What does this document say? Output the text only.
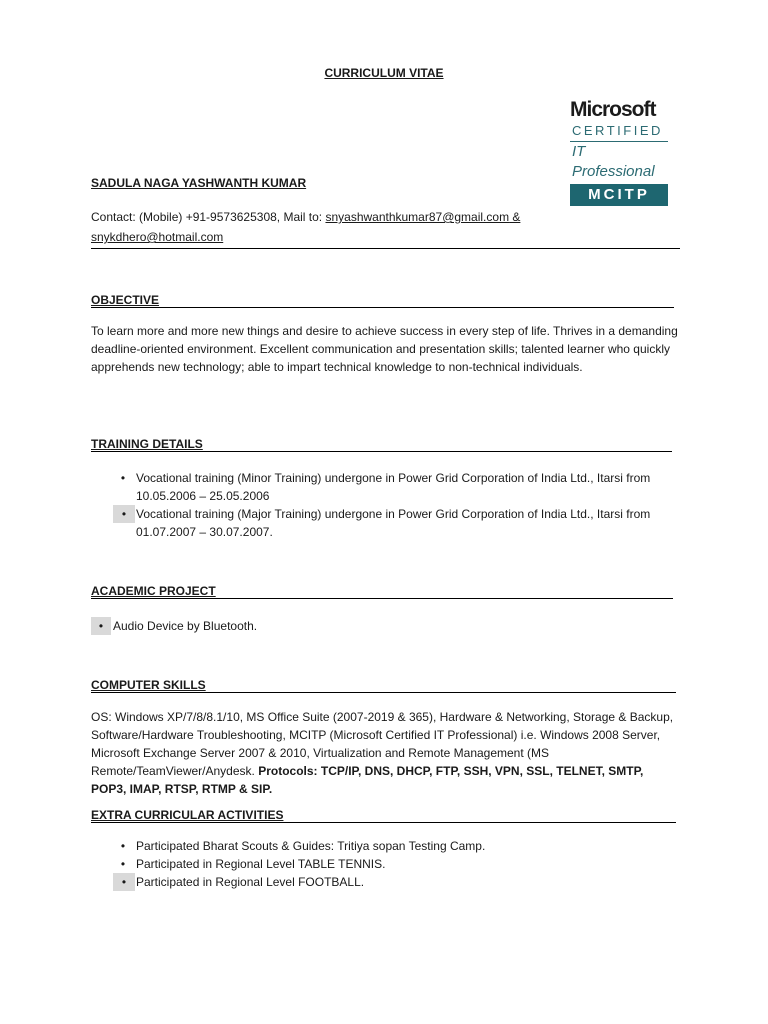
CURRICULUM VITAE
Microsoft
CERTIFIED
IT Professional
MCITP
SADULA NAGA YASHWANTH KUMAR
Contact: (Mobile) +91-9573625308, Mail to: snyashwanthkumar87@gmail.com &
snykdhero@hotmail.com
OBJECTIVE
To learn more and more new things and desire to achieve success in every step of life. Thrives in a demanding deadline-oriented environment. Excellent communication and presentation skills; talented learner who quickly apprehends new technology; able to impart technical knowledge to non-technical individuals.
TRAINING DETAILS
• Vocational training (Minor Training) undergone in Power Grid Corporation of India Ltd., Itarsi from 10.05.2006 – 25.05.2006
• Vocational training (Major Training) undergone in Power Grid Corporation of India Ltd., Itarsi from 01.07.2007 – 30.07.2007.
ACADEMIC PROJECT
• Audio Device by Bluetooth.
COMPUTER SKILLS
OS: Windows XP/7/8/8.1/10, MS Office Suite (2007-2019 & 365), Hardware & Networking, Storage & Backup, Software/Hardware Troubleshooting, MCITP (Microsoft Certified IT Professional) i.e. Windows 2008 Server, Microsoft Exchange Server 2007 & 2010, Virtualization and Remote Management (MS Remote/TeamViewer/Anydesk. Protocols: TCP/IP, DNS, DHCP, FTP, SSH, VPN, SSL, TELNET, SMTP, POP3, IMAP, RTSP, RTMP & SIP.
EXTRA CURRICULAR ACTIVITIES
• Participated Bharat Scouts & Guides: Tritiya sopan Testing Camp.
• Participated in Regional Level TABLE TENNIS.
• Participated in Regional Level FOOTBALL.
